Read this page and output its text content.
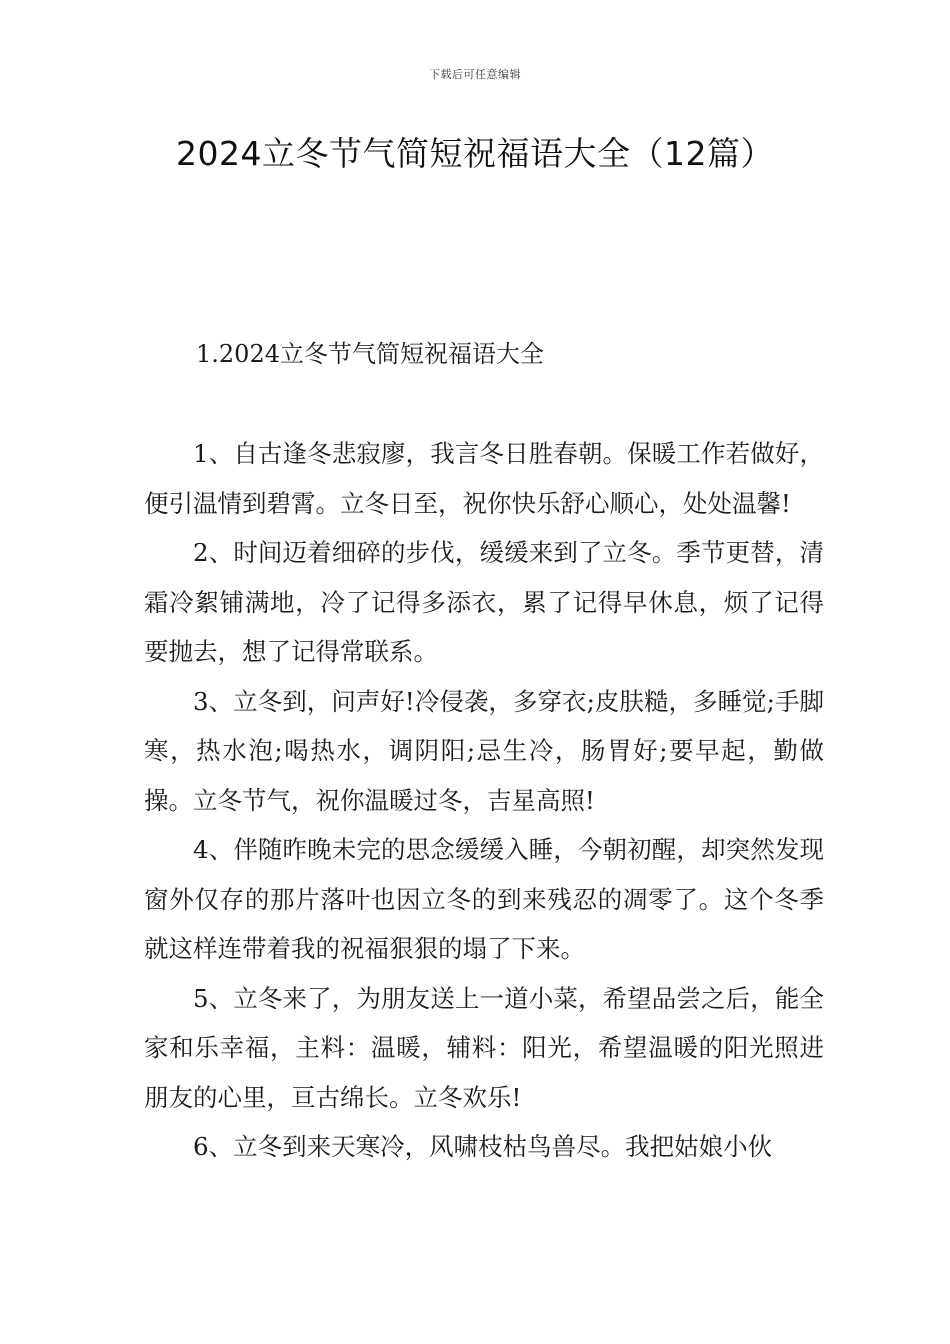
下载后可任意编辑
2024立冬节气简短祝福语大全（12篇）
1.2024立冬节气简短祝福语大全

1、自古逢冬悲寂廖，我言冬日胜春朝。保暖工作若做好，便引温情到碧霄。立冬日至，祝你快乐舒心顺心，处处温馨!

2、时间迈着细碎的步伐，缓缓来到了立冬。季节更替，清霜冷絮铺满地，冷了记得多添衣，累了记得早休息，烦了记得要抛去，想了记得常联系。

3、立冬到，问声好!冷侵袭，多穿衣;皮肤糙，多睡觉;手脚寒，热水泡;喝热水，调阴阳;忌生冷，肠胃好;要早起，勤做操。立冬节气，祝你温暖过冬，吉星高照!

4、伴随昨晚未完的思念缓缓入睡，今朝初醒，却突然发现窗外仅存的那片落叶也因立冬的到来残忍的凋零了。这个冬季就这样连带着我的祝福狠狠的塌了下来。

5、立冬来了，为朋友送上一道小菜，希望品尝之后，能全家和乐幸福，主料：温暖，辅料：阳光，希望温暖的阳光照进朋友的心里，亘古绵长。立冬欢乐!

6、立冬到来天寒冷，风啸枝枯鸟兽尽。我把姑娘小伙
